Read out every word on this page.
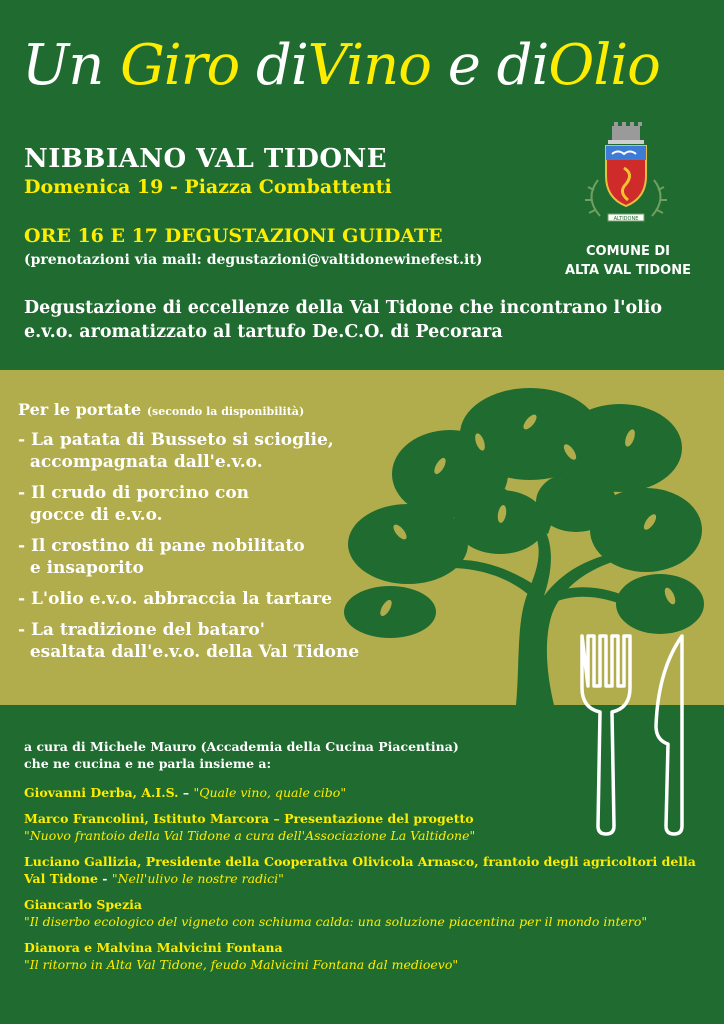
Un Giro diVino e diOlio
NIBBIANO VAL TIDONE
Domenica 19 - Piazza Combattenti
ORE 16 E 17 DEGUSTAZIONI GUIDATE
(prenotazioni via mail: degustazioni@valtidonewinefest.it)
Degustazione di eccellenze della Val Tidone che incontrano l'olio e.v.o. aromatizzato al tartufo De.C.O. di Pecorara
ALTIDONE
COMUNE DI
ALTA VAL TIDONE
Per le portate (secondo la disponibilità)
- La patata di Busseto si scioglie,
accompagnata dall'e.v.o.
- Il crudo di porcino con
gocce di e.v.o.
- Il crostino di pane nobilitato
e insaporito
- L'olio e.v.o. abbraccia la tartare
- La tradizione del bataro'
esaltata dall'e.v.o. della Val Tidone
a cura di Michele Mauro (Accademia della Cucina Piacentina)
che ne cucina e ne parla insieme a:
Giovanni Derba, A.I.S. – "Quale vino, quale cibo"
Marco Francolini, Istituto Marcora – Presentazione del progetto
"Nuovo frantoio della Val Tidone a cura dell'Associazione La Valtidone"
Luciano Gallizia, Presidente della Cooperativa Olivicola Arnasco, frantoio degli agricoltori della Val Tidone - "Nell'ulivo le nostre radici"
Giancarlo Spezia
"Il diserbo ecologico del vigneto con schiuma calda: una soluzione piacentina per il mondo intero"
Dianora e Malvina Malvicini Fontana
"Il ritorno in Alta Val Tidone, feudo Malvicini Fontana dal medioevo"
